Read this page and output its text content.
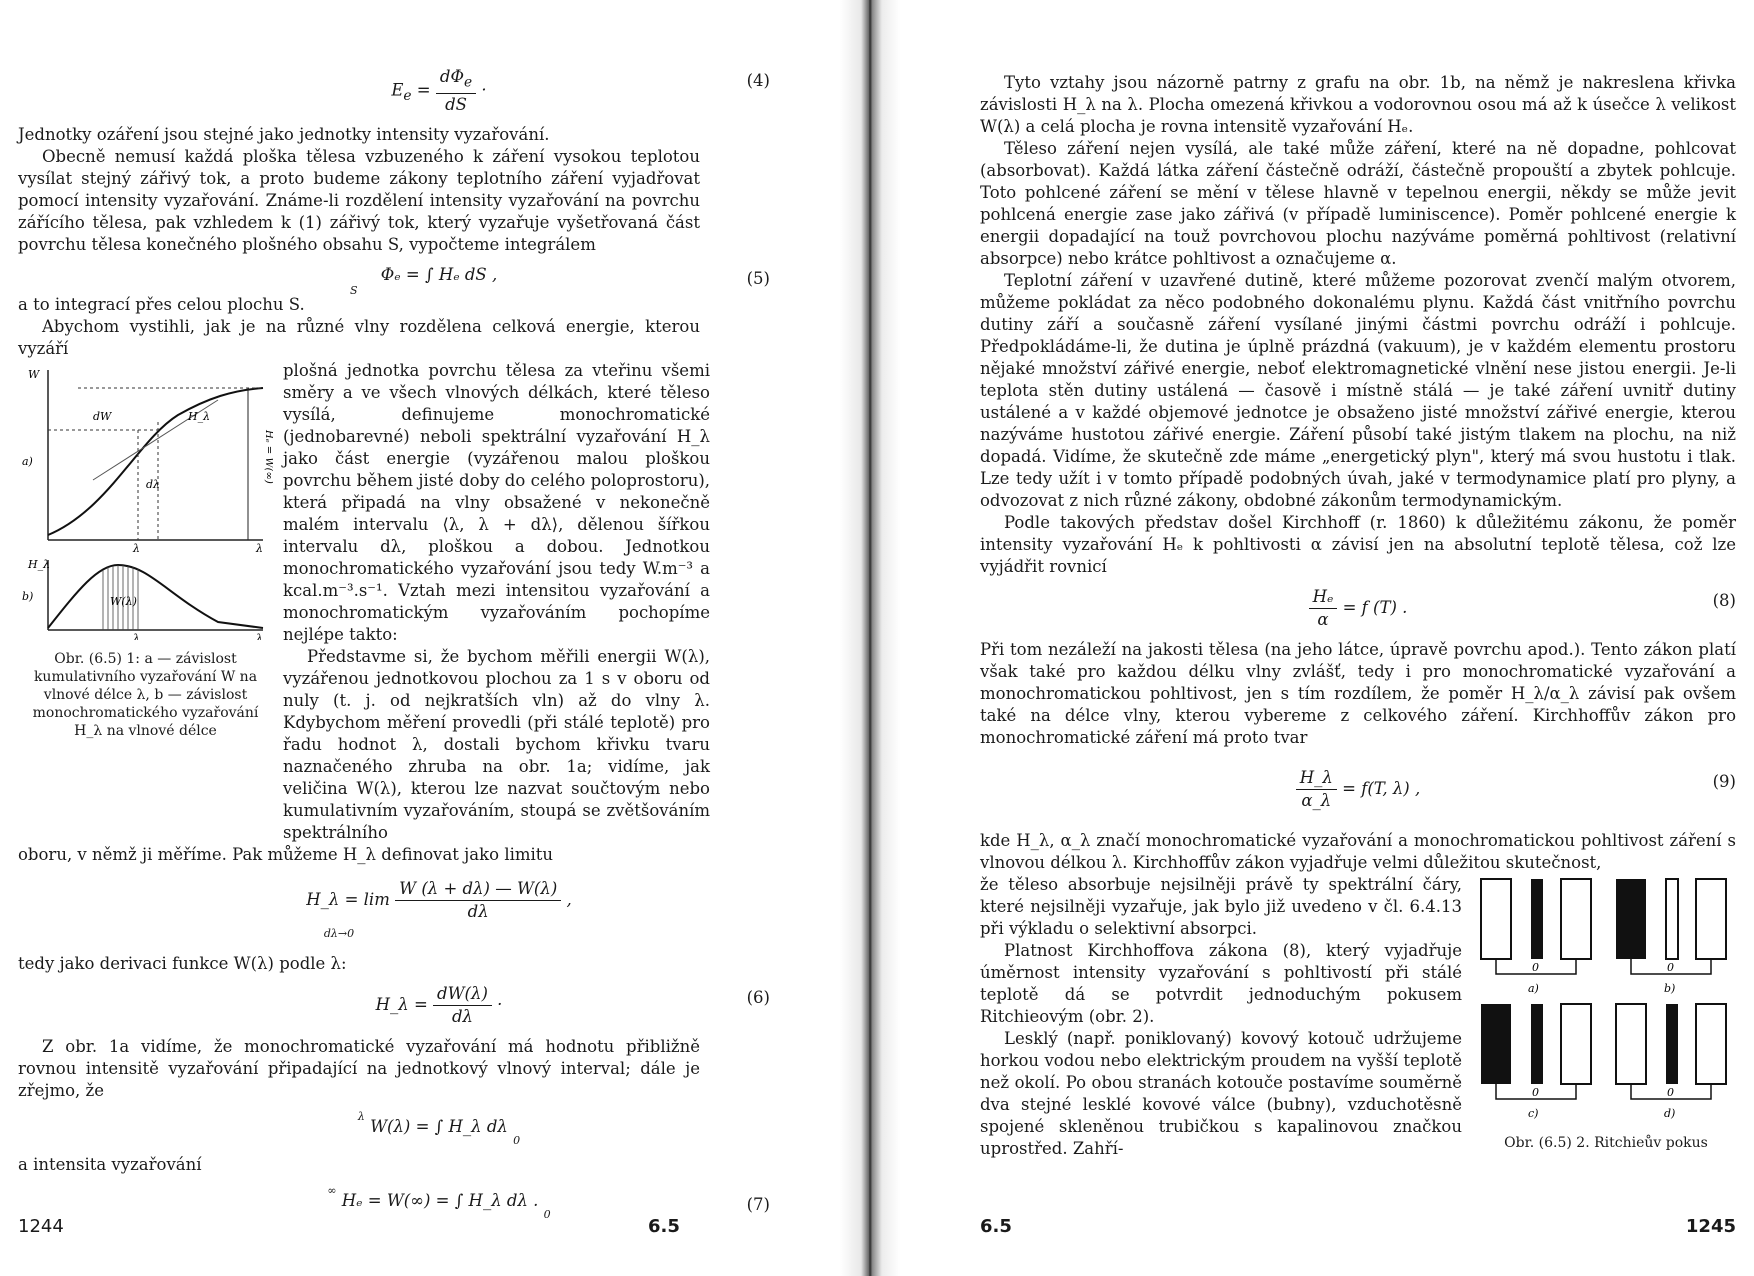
$E_e = \frac{d\Phi_e}{dS}$ ·
(4)

Jednotky ozáření jsou stejné jako jednotky intensity vyzařování.

Obecně nemusí každá ploška tělesa vzbuzeného k záření vysokou teplotou vysílat stejný zářivý tok, a proto budeme zákony teplotního záření vyjadřovat pomocí intensity vyzařování. Známe-li rozdělení intensity vyzařování na povrchu zářícího tělesa, pak vzhledem k (1) zářivý tok, který vyzařuje vyšetřovaná část povrchu tělesa konečného plošného obsahu S, vypočteme integrálem

Φₑ = ∫ Hₑ dS ,
S
(5)

a to integrací přes celou plochu S.

Abychom vystihli, jak je na různé vlny rozdělena celková energie, kterou vyzáří

W
a)
dW	H_λ
dλ
λ	λ
Hₑ = W(∞)
H_λ
b)	W(λ)
λ	λ
Obr. (6.5) 1: a — závislost kumulativního vyzařování W na vlnové délce λ, b — závislost monochromatického vyzařování H_λ na vlnové délce

plošná jednotka povrchu tělesa za vteřinu všemi směry a ve všech vlnových délkách, které těleso vysílá, definujeme monochromatické (jednobarevné) neboli spektrální vyzařování H_λ jako část energie (vyzářenou malou ploškou povrchu během jisté doby do celého poloprostoru), která připadá na vlny obsažené v nekonečně malém intervalu ⟨λ, λ + dλ⟩, dělenou šířkou intervalu dλ, ploškou a dobou. Jednotkou monochromatického vyzařování jsou tedy W.m⁻³ a kcal.m⁻³.s⁻¹. Vztah mezi intensitou vyzařování a monochromatickým vyzařováním pochopíme nejlépe takto:

Představme si, že bychom měřili energii W(λ), vyzářenou jednotkovou plochou za 1 s v oboru od nuly (t. j. od nejkratších vln) až do vlny λ. Kdybychom měření provedli (při stálé teplotě) pro řadu hodnot λ, dostali bychom křivku tvaru naznačeného zhruba na obr. 1a; vidíme, jak veličina W(λ), kterou lze nazvat součtovým nebo kumulativním vyzařováním, stoupá se zvětšováním spektrálního

oboru, v němž ji měříme. Pak můžeme H_λ definovat jako limitu

H_λ = $\lim \frac{W (\lambda + d\lambda) — W(\lambda)}{d\lambda}$ ,
dλ→0

tedy jako derivaci funkce W(λ) podle λ:

H_λ = $\frac{dW(\lambda)}{d\lambda}$ ·	(6)

Z obr. 1a vidíme, že monochromatické vyzařování má hodnotu přibližně rovnou intensitě vyzařování připadající na jednotkový vlnový interval; dále je zřejmo, že

$^\lambda$ W(λ) = ∫ H_λ dλ $_0$

a intensita vyzařování

∞ Hₑ = W(∞) = ∫ H_λ dλ . $_0$
(7)
1244	6.5

Tyto vztahy jsou názorně patrny z grafu na obr. 1b, na němž je nakreslena křivka závislosti H_λ na λ. Plocha omezená křivkou a vodorovnou osou má až k úsečce λ velikost W(λ) a celá plocha je rovna intensitě vyzařování Hₑ.

Těleso záření nejen vysílá, ale také může záření, které na ně dopadne, pohlcovat (absorbovat). Každá látka záření částečně odráží, částečně propouští a zbytek pohlcuje. Toto pohlcené záření se mění v tělese hlavně v tepelnou energii, někdy se může jevit pohlcená energie zase jako zářivá (v případě luminiscence). Poměr pohlcené energie k energii dopadající na touž povrchovou plochu nazýváme poměrná pohltivost (relativní absorpce) nebo krátce pohltivost a označujeme α.

Teplotní záření v uzavřené dutině, které můžeme pozorovat zvenčí malým otvorem, můžeme pokládat za něco podobného dokonalému plynu. Každá část vnitřního povrchu dutiny září a současně záření vysílané jinými částmi povrchu odráží i pohlcuje. Předpokládáme-li, že dutina je úplně prázdná (vakuum), je v každém elementu prostoru nějaké množství zářivé energie, neboť elektromagnetické vlnění nese jistou energii. Je-li teplota stěn dutiny ustálená — časově i místně stálá — je také záření uvnitř dutiny ustálené a v každé objemové jednotce je obsaženo jisté množství zářivé energie, kterou nazýváme hustotou zářivé energie. Záření působí také jistým tlakem na plochu, na niž dopadá. Vidíme, že skutečně zde máme „energetický plyn", který má svou hustotu i tlak. Lze tedy užít i v tomto případě podobných úvah, jaké v termodynamice platí pro plyny, a odvozovat z nich různé zákony, obdobné zákonům termodynamickým.

Podle takových představ došel Kirchhoff (r. 1860) k důležitému zákonu, že poměr intensity vyzařování Hₑ k pohltivosti α závisí jen na absolutní teplotě tělesa, což lze vyjádřit rovnicí

$\frac{\text{Hₑ}}{\alpha} = f$ (T) .	(8)

Při tom nezáleží na jakosti tělesa (na jeho látce, úpravě povrchu apod.). Tento zákon platí však také pro každou délku vlny zvlášť, tedy i pro monochromatické vyzařování a monochromatickou pohltivost, jen s tím rozdílem, že poměr H_λ/α_λ závisí pak ovšem také na délce vlny, kterou vybereme z celkového záření. Kirchhoffův zákon pro monochromatické záření má proto tvar

$\frac{H\_\lambda}{\alpha\_\lambda} = f(T$, λ) ,	(9)

kde H_λ, α_λ značí monochromatické vyzařování a monochromatickou pohltivost záření s vlnovou délkou λ. Kirchhoffův zákon vyjadřuje velmi důležitou skutečnost,

že těleso absorbuje nejsilněji právě ty spektrální čáry, které nejsilněji vyzařuje, jak bylo již uvedeno v čl. 6.4.13 při výkladu o selektivní absorpci.

Platnost Kirchhoffova zákona (8), který vyjadřuje úměrnost intensity vyzařování s pohltivostí při stálé teplotě dá se potvrdit jednoduchým pokusem Ritchieovým (obr. 2).

Lesklý (např. poniklovaný) kovový kotouč udržujeme horkou vodou nebo elektrickým proudem na vyšší teplotě než okolí. Po obou stranách kotouče postavíme souměrně dva stejné lesklé kovové válce (bubny), vzduchotěsně spojené skleněnou trubičkou s kapalinovou značkou uprostřed. Zahří-

0
a)
0
b)
0
c)
0
d)
Obr. (6.5) 2. Ritchieův pokus
6.5	1245
